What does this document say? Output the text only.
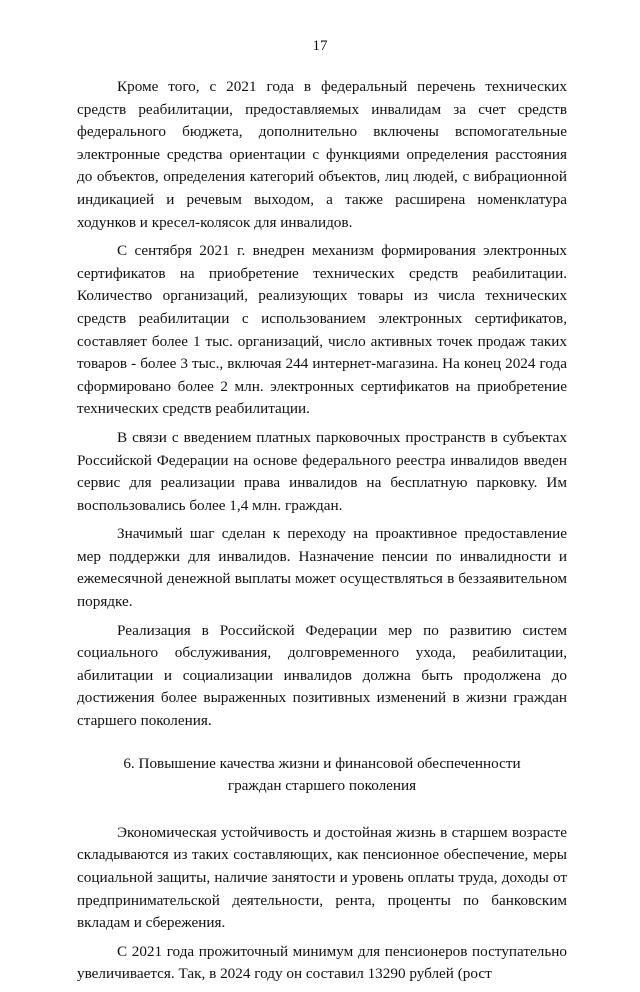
17

Кроме того, с 2021 года в федеральный перечень технических средств реабилитации, предоставляемых инвалидам за счет средств федерального бюджета, дополнительно включены вспомогательные электронные средства ориентации с функциями определения расстояния до объектов, определения категорий объектов, лиц людей, с вибрационной индикацией и речевым выходом, а также расширена номенклатура ходунков и кресел-колясок для инвалидов.

С сентября 2021 г. внедрен механизм формирования электронных сертификатов на приобретение технических средств реабилитации. Количество организаций, реализующих товары из числа технических средств реабилитации с использованием электронных сертификатов, составляет более 1 тыс. организаций, число активных точек продаж таких товаров - более 3 тыс., включая 244 интернет-магазина. На конец 2024 года сформировано более 2 млн. электронных сертификатов на приобретение технических средств реабилитации.

В связи с введением платных парковочных пространств в субъектах Российской Федерации на основе федерального реестра инвалидов введен сервис для реализации права инвалидов на бесплатную парковку. Им воспользовались более 1,4 млн. граждан.

Значимый шаг сделан к переходу на проактивное предоставление мер поддержки для инвалидов. Назначение пенсии по инвалидности и ежемесячной денежной выплаты может осуществляться в беззаявительном порядке.

Реализация в Российской Федерации мер по развитию систем социального обслуживания, долговременного ухода, реабилитации, абилитации и социализации инвалидов должна быть продолжена до достижения более выраженных позитивных изменений в жизни граждан старшего поколения.

6. Повышение качества жизни и финансовой обеспеченности
граждан старшего поколения

Экономическая устойчивость и достойная жизнь в старшем возрасте складываются из таких составляющих, как пенсионное обеспечение, меры социальной защиты, наличие занятости и уровень оплаты труда, доходы от предпринимательской деятельности, рента, проценты по банковским вкладам и сбережения.

С 2021 года прожиточный минимум для пенсионеров поступательно увеличивается. Так, в 2024 году он составил 13290 рублей (рост
